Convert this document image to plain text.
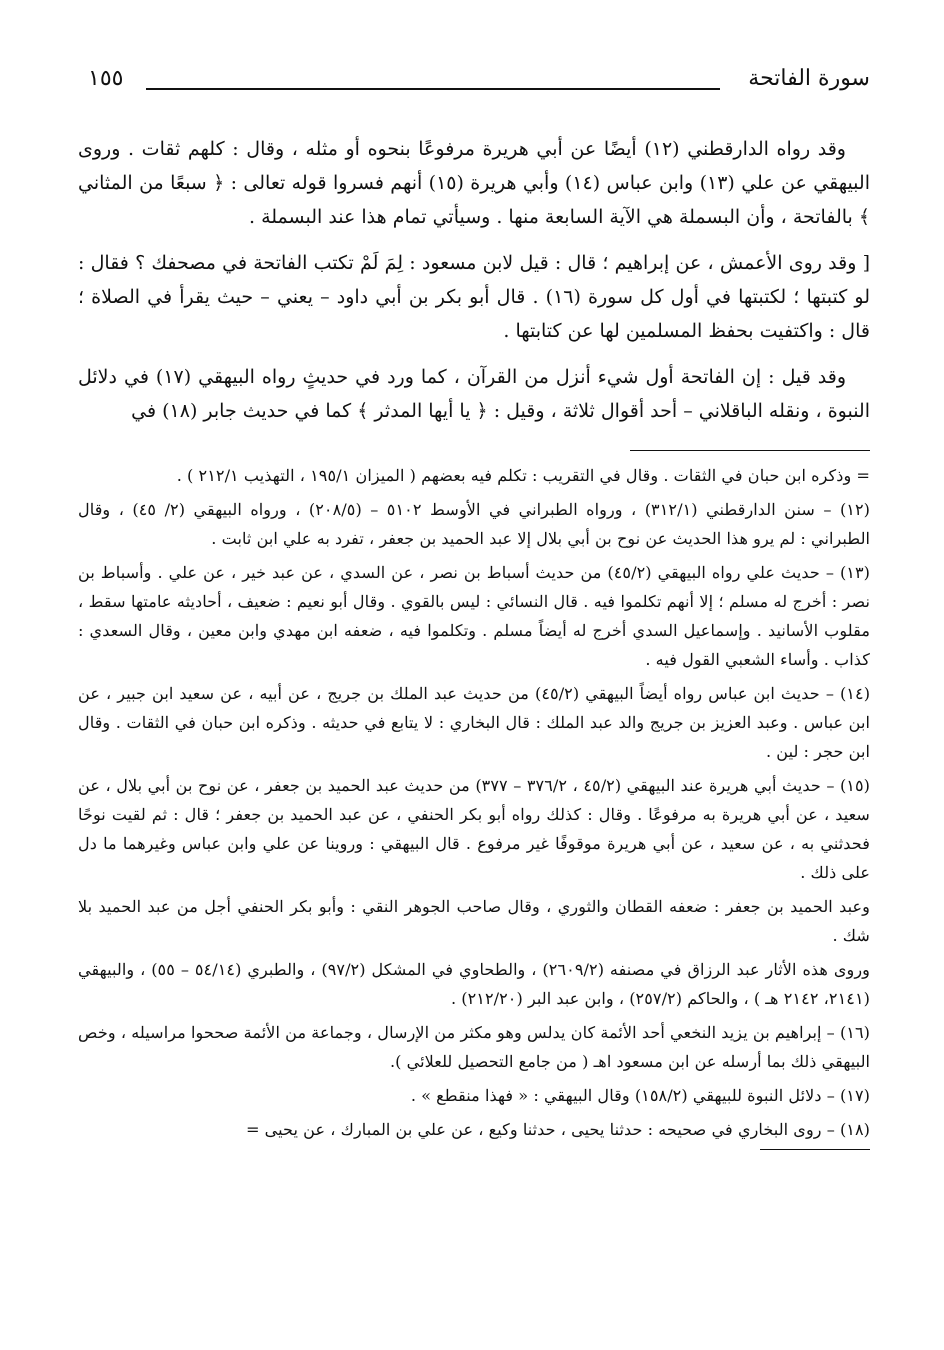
سورة الفاتحة
١٥٥

وقد رواه الدارقطني (١٢) أيضًا عن أبي هريرة مرفوعًا بنحوه أو مثله ، وقال : كلهم ثقات . وروى البيهقي عن علي (١٣) وابن عباس (١٤) وأبي هريرة (١٥) أنهم فسروا قوله تعالى : ﴿ سبعًا من المثاني ﴾ بالفاتحة ، وأن البسملة هي الآية السابعة منها . وسيأتي تمام هذا عند البسملة .

[ وقد روى الأعمش ، عن إبراهيم ؛ قال : قيل لابن مسعود : لِمَ لَمْ تكتب الفاتحة في مصحفك ؟ فقال : لو كتبتها ؛ لكتبتها في أول كل سورة (١٦) . قال أبو بكر بن أبي داود – يعني – حيث يقرأ في الصلاة ؛ قال : واكتفيت بحفظ المسلمين لها عن كتابتها .

وقد قيل : إن الفاتحة أول شيء أنزل من القرآن ، كما ورد في حديثٍ رواه البيهقي (١٧) في دلائل النبوة ، ونقله الباقلاني – أحد أقوال ثلاثة ، وقيل : ﴿ يا أيها المدثر ﴾ كما في حديث جابر (١٨) في

= وذكره ابن حبان في الثقات . وقال في التقريب : تكلم فيه بعضهم ( الميزان ١٩٥/١ ، التهذيب ٢١٢/١ ) .

(١٢) – سنن الدارقطني (٣١٢/١) ، ورواه الطبراني في الأوسط ٥١٠٢ – (٢٠٨/٥) ، ورواه البيهقي (٢/ ٤٥) ، وقال الطبراني : لم يرو هذا الحديث عن نوح بن أبي بلال إلا عبد الحميد بن جعفر ، تفرد به علي ابن ثابت .

(١٣) – حديث علي رواه البيهقي (٤٥/٢) من حديث أسباط بن نصر ، عن السدي ، عن عبد خير ، عن علي . وأسباط بن نصر : أخرج له مسلم ؛ إلا أنهم تكلموا فيه . قال النسائي : ليس بالقوي . وقال أبو نعيم : ضعيف ، أحاديثه عامتها سقط ، مقلوب الأسانيد . وإسماعيل السدي أخرج له أيضاً مسلم . وتكلموا فيه ، ضعفه ابن مهدي وابن معين ، وقال السعدي : كذاب . وأساء الشعبي القول فيه .

(١٤) – حديث ابن عباس رواه أيضاً البيهقي (٤٥/٢) من حديث عبد الملك بن جريج ، عن أبيه ، عن سعيد ابن جبير ، عن ابن عباس . وعبد العزيز بن جريج والد عبد الملك : قال البخاري : لا يتابع في حديثه . وذكره ابن حبان في الثقات . وقال ابن حجر : لين .

(١٥) – حديث أبي هريرة عند البيهقي (٤٥/٢ ، ٣٧٦/٢ – ٣٧٧) من حديث عبد الحميد بن جعفر ، عن نوح بن أبي بلال ، عن سعيد ، عن أبي هريرة به مرفوعًا . وقال : كذلك رواه أبو بكر الحنفي ، عن عبد الحميد بن جعفر ؛ قال : ثم لقيت نوحًا فحدثني به ، عن سعيد ، عن أبي هريرة موقوفًا غير مرفوع . قال البيهقي : وروينا عن علي وابن عباس وغيرهما ما دل على ذلك .

وعبد الحميد بن جعفر : ضعفه القطان والثوري ، وقال صاحب الجوهر النقي : وأبو بكر الحنفي أجل من عبد الحميد بلا شك .

وروى هذه الأثار عبد الرزاق في مصنفه (٢٦٠٩/٢) ، والطحاوي في المشكل (٩٧/٢) ، والطبري (٥٤/١٤ – ٥٥) ، والبيهقي (٢١٤١، ٢١٤٢ هـ ) ، والحاكم (٢٥٧/٢) ، وابن عبد البر (٢١٢/٢٠) .

(١٦) – إبراهيم بن يزيد النخعي أحد الأئمة كان يدلس وهو مكثر من الإرسال ، وجماعة من الأئمة صححوا مراسيله ، وخص البيهقي ذلك بما أرسله عن ابن مسعود اهـ ( من جامع التحصيل للعلائي ).

(١٧) – دلائل النبوة للبيهقي (١٥٨/٢) وقال البيهقي : « فهذا منقطع » .

(١٨) – روى البخاري في صحيحه : حدثنا يحيى ، حدثنا وكيع ، عن علي بن المبارك ، عن يحيى =
